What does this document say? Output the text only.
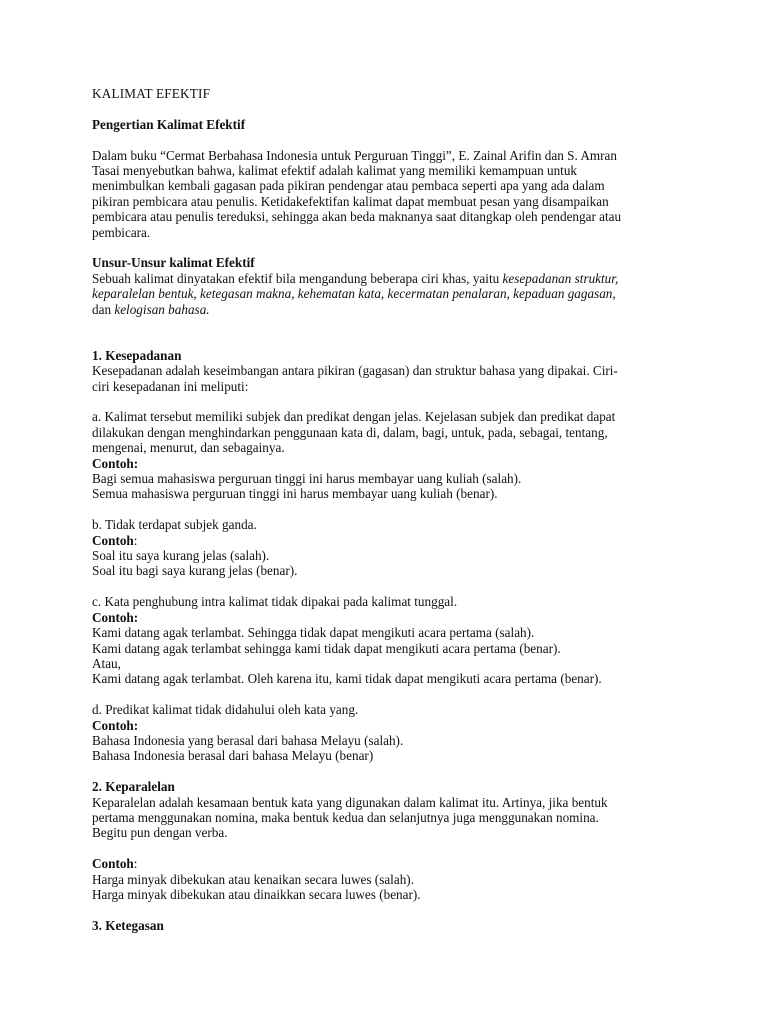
KALIMAT EFEKTIF

Pengertian Kalimat Efektif

Dalam buku “Cermat Berbahasa Indonesia untuk Perguruan Tinggi”, E. Zainal Arifin dan S. Amran

Tasai menyebutkan bahwa, kalimat efektif adalah kalimat yang memiliki kemampuan untuk

menimbulkan kembali gagasan pada pikiran pendengar atau pembaca seperti apa yang ada dalam

pikiran pembicara atau penulis. Ketidakefektifan kalimat dapat membuat pesan yang disampaikan

pembicara atau penulis tereduksi, sehingga akan beda maknanya saat ditangkap oleh pendengar atau

pembicara.

Unsur-Unsur kalimat Efektif

Sebuah kalimat dinyatakan efektif bila mengandung beberapa ciri khas, yaitu kesepadanan struktur,

keparalelan bentuk, ketegasan makna, kehematan kata, kecermatan penalaran, kepaduan gagasan,

dan kelogisan bahasa.

1. Kesepadanan

Kesepadanan adalah keseimbangan antara pikiran (gagasan) dan struktur bahasa yang dipakai. Ciri-

ciri kesepadanan ini meliputi:

a. Kalimat tersebut memiliki subjek dan predikat dengan jelas. Kejelasan subjek dan predikat dapat

dilakukan dengan menghindarkan penggunaan kata di, dalam, bagi, untuk, pada, sebagai, tentang,

mengenai, menurut, dan sebagainya.

Contoh:

Bagi semua mahasiswa perguruan tinggi ini harus membayar uang kuliah (salah).

Semua mahasiswa perguruan tinggi ini harus membayar uang kuliah (benar).

b. Tidak terdapat subjek ganda.

Contoh:

Soal itu saya kurang jelas (salah).

Soal itu bagi saya kurang jelas (benar).

c. Kata penghubung intra kalimat tidak dipakai pada kalimat tunggal.

Contoh:

Kami datang agak terlambat. Sehingga tidak dapat mengikuti acara pertama (salah).

Kami datang agak terlambat sehingga kami tidak dapat mengikuti acara pertama (benar).

Atau,

Kami datang agak terlambat. Oleh karena itu, kami tidak dapat mengikuti acara pertama (benar).

d. Predikat kalimat tidak didahului oleh kata yang.

Contoh:

Bahasa Indonesia yang berasal dari bahasa Melayu (salah).

Bahasa Indonesia berasal dari bahasa Melayu (benar)

2. Keparalelan

Keparalelan adalah kesamaan bentuk kata yang digunakan dalam kalimat itu. Artinya, jika bentuk

pertama menggunakan nomina, maka bentuk kedua dan selanjutnya juga menggunakan nomina.

Begitu pun dengan verba.

Contoh:

Harga minyak dibekukan atau kenaikan secara luwes (salah).

Harga minyak dibekukan atau dinaikkan secara luwes (benar).

3. Ketegasan
